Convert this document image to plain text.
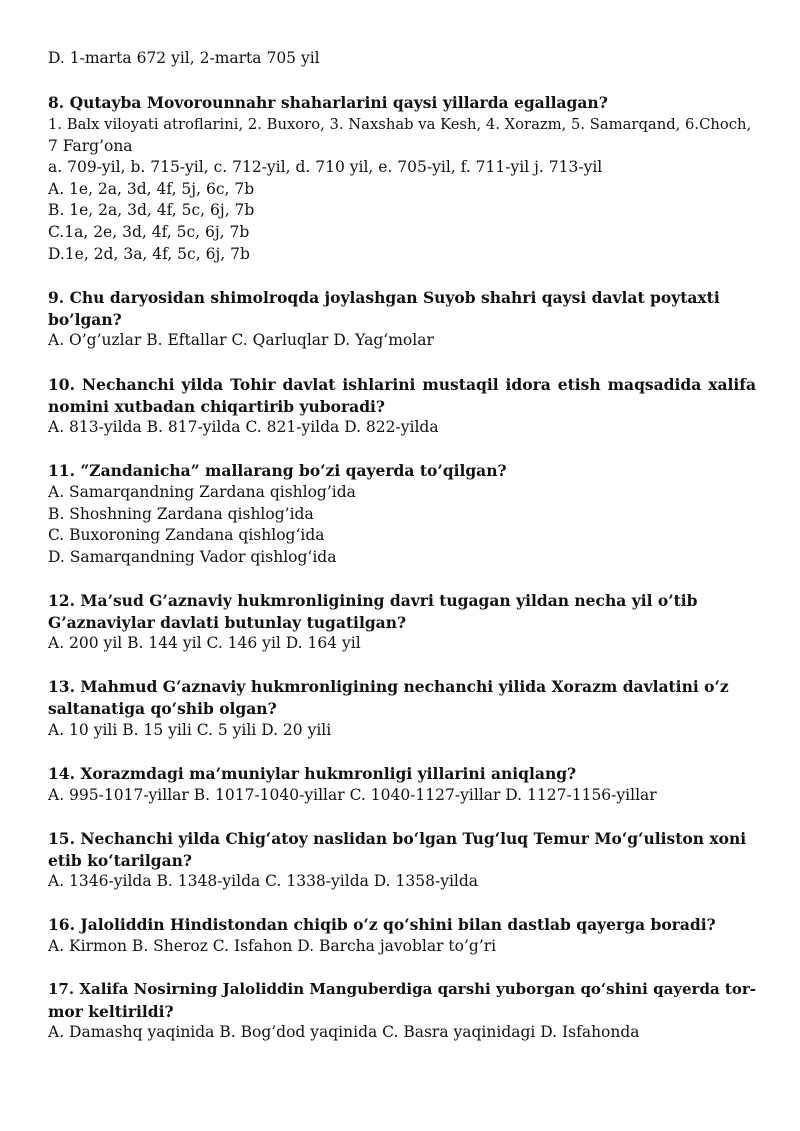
D. 1-marta 672 yil, 2-marta 705 yil
8. Qutayba Movorounnahr shaharlarini qaysi yillarda egallagan?
1. Balx viloyati atroflarini, 2. Buxoro, 3. Naxshab va Kesh, 4. Xorazm, 5. Samarqand, 6.Choch,
7 Farg’ona
a. 709-yil, b. 715-yil, c. 712-yil, d. 710 yil, e. 705-yil, f. 711-yil j. 713-yil
A. 1e, 2a, 3d, 4f, 5j, 6c, 7b
B. 1e, 2a, 3d, 4f, 5c, 6j, 7b
C.1a, 2e, 3d, 4f, 5c, 6j, 7b
D.1e, 2d, 3a, 4f, 5c, 6j, 7b
9. Chu daryosidan shimolroqda joylashgan Suyob shahri qaysi davlat poytaxti
bo’lgan?
A. O’g’uzlar B. Eftallar C. Qarluqlar D. Yag‘molar
10. Nechanchi yilda Tohir davlat ishlarini mustaqil idora etish maqsadida xalifa
nomini xutbadan chiqartirib yuboradi?
A. 813-yilda B. 817-yilda C. 821-yilda D. 822-yilda
11. “Zandanicha” mallarang bo‘zi qayerda to’qilgan?
A. Samarqandning Zardana qishlog’ida
B. Shoshning Zardana qishlog’ida
C. Buxoroning Zandana qishlog‘ida
D. Samarqandning Vador qishlog‘ida
12. Ma’sud G’aznaviy hukmronligining davri tugagan yildan necha yil o’tib
G’aznaviylar davlati butunlay tugatilgan?
A. 200 yil B. 144 yil C. 146 yil D. 164 yil
13. Mahmud G‘aznaviy hukmronligining nechanchi yilida Xorazm davlatini o‘z
saltanatiga qo‘shib olgan?
A. 10 yili B. 15 yili C. 5 yili D. 20 yili
14. Xorazmdagi ma’muniylar hukmronligi yillarini aniqlang?
A. 995-1017-yillar B. 1017-1040-yillar C. 1040-1127-yillar D. 1127-1156-yillar
15. Nechanchi yilda Chig‘atoy naslidan bo‘lgan Tug‘luq Temur Mo‘g‘uliston xoni
etib ko‘tarilgan?
A. 1346-yilda B. 1348-yilda C. 1338-yilda D. 1358-yilda
16. Jaloliddin Hindistondan chiqib o‘z qo‘shini bilan dastlab qayerga boradi?
A. Kirmon B. Sheroz C. Isfahon D. Barcha javoblar to’g’ri
17. Xalifa Nosirning Jaloliddin Manguberdiga qarshi yuborgan qo‘shini qayerda tor-
mor keltirildi?
A. Damashq yaqinida B. Bog’dod yaqinida C. Basra yaqinidagi D. Isfahonda
